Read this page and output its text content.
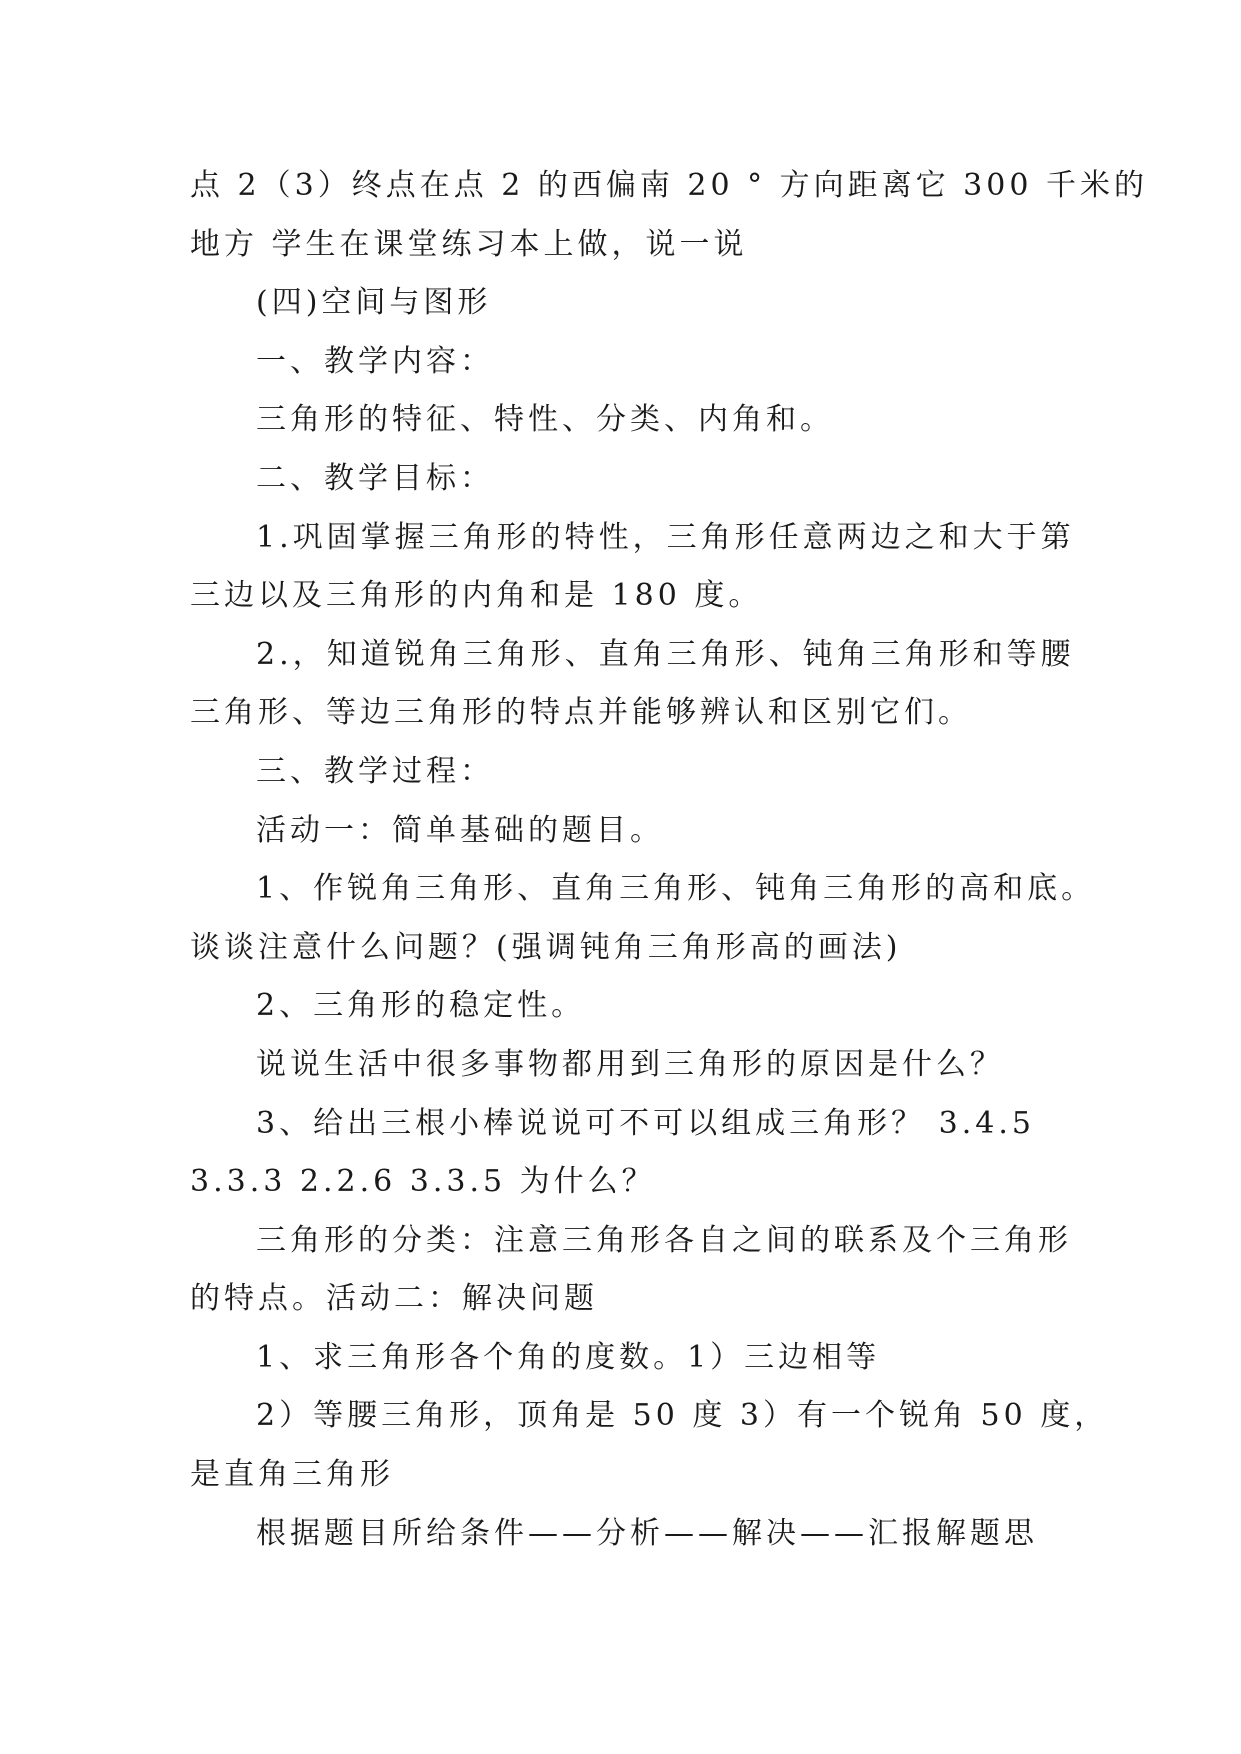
点 2（3）终点在点 2 的西偏南 20 ° 方向距离它 300 千米的
地方 学生在课堂练习本上做，说一说
(四)空间与图形
一、教学内容：
三角形的特征、特性、分类、内角和。
二、教学目标：
1.巩固掌握三角形的特性，三角形任意两边之和大于第
三边以及三角形的内角和是 180 度。
2.，知道锐角三角形、直角三角形、钝角三角形和等腰
三角形、等边三角形的特点并能够辨认和区别它们。
三、教学过程：
活动一：简单基础的题目。
1、作锐角三角形、直角三角形、钝角三角形的高和底。
谈谈注意什么问题？(强调钝角三角形高的画法)
2、三角形的稳定性。
说说生活中很多事物都用到三角形的原因是什么？
3、给出三根小棒说说可不可以组成三角形？ 3.4.5
3.3.3 2.2.6 3.3.5 为什么？
三角形的分类：注意三角形各自之间的联系及个三角形
的特点。活动二：解决问题
1、求三角形各个角的度数。1）三边相等
2）等腰三角形，顶角是 50 度 3）有一个锐角 50 度，
是直角三角形
根据题目所给条件——分析——解决——汇报解题思
